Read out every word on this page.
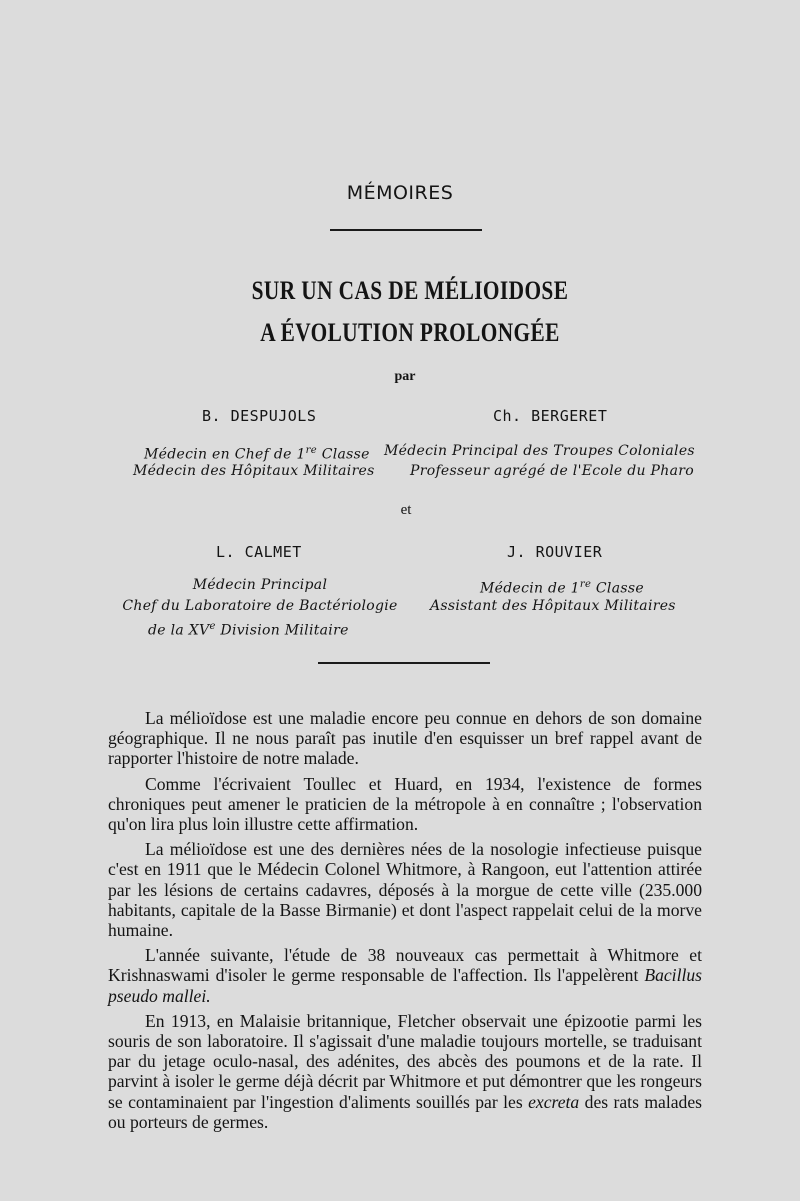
MÉMOIRES
SUR UN CAS DE MÉLIOIDOSE
A ÉVOLUTION PROLONGÉE
par
B. DESPUJOLS
Médecin en Chef de 1re Classe
Médecin des Hôpitaux Militaires
Ch. BERGERET
Médecin Principal des Troupes Coloniales
Professeur agrégé de l'Ecole du Pharo
et
L. CALMET
Médecin Principal
Chef du Laboratoire de Bactériologie
de la XVe Division Militaire
J. ROUVIER
Médecin de 1re Classe
Assistant des Hôpitaux Militaires

La mélioïdose est une maladie encore peu connue en dehors de son domaine géographique. Il ne nous paraît pas inutile d'en esquisser un bref rappel avant de rapporter l'histoire de notre malade.

Comme l'écrivaient Toullec et Huard, en 1934, l'existence de formes chroniques peut amener le praticien de la métropole à en connaître ; l'observation qu'on lira plus loin illustre cette affirmation.

La mélioïdose est une des dernières nées de la nosologie infectieuse puisque c'est en 1911 que le Médecin Colonel Whitmore, à Rangoon, eut l'attention attirée par les lésions de certains cadavres, déposés à la morgue de cette ville (235.000 habitants, capitale de la Basse Birmanie) et dont l'aspect rappelait celui de la morve humaine.

L'année suivante, l'étude de 38 nouveaux cas permettait à Whitmore et Krishnaswami d'isoler le germe responsable de l'affection. Ils l'appelèrent Bacillus pseudo mallei.

En 1913, en Malaisie britannique, Fletcher observait une épizootie parmi les souris de son laboratoire. Il s'agissait d'une maladie toujours mortelle, se traduisant par du jetage oculo-nasal, des adénites, des abcès des poumons et de la rate. Il parvint à isoler le germe déjà décrit par Whitmore et put démontrer que les rongeurs se contaminaient par l'ingestion d'aliments souillés par les excreta des rats malades ou porteurs de germes.
